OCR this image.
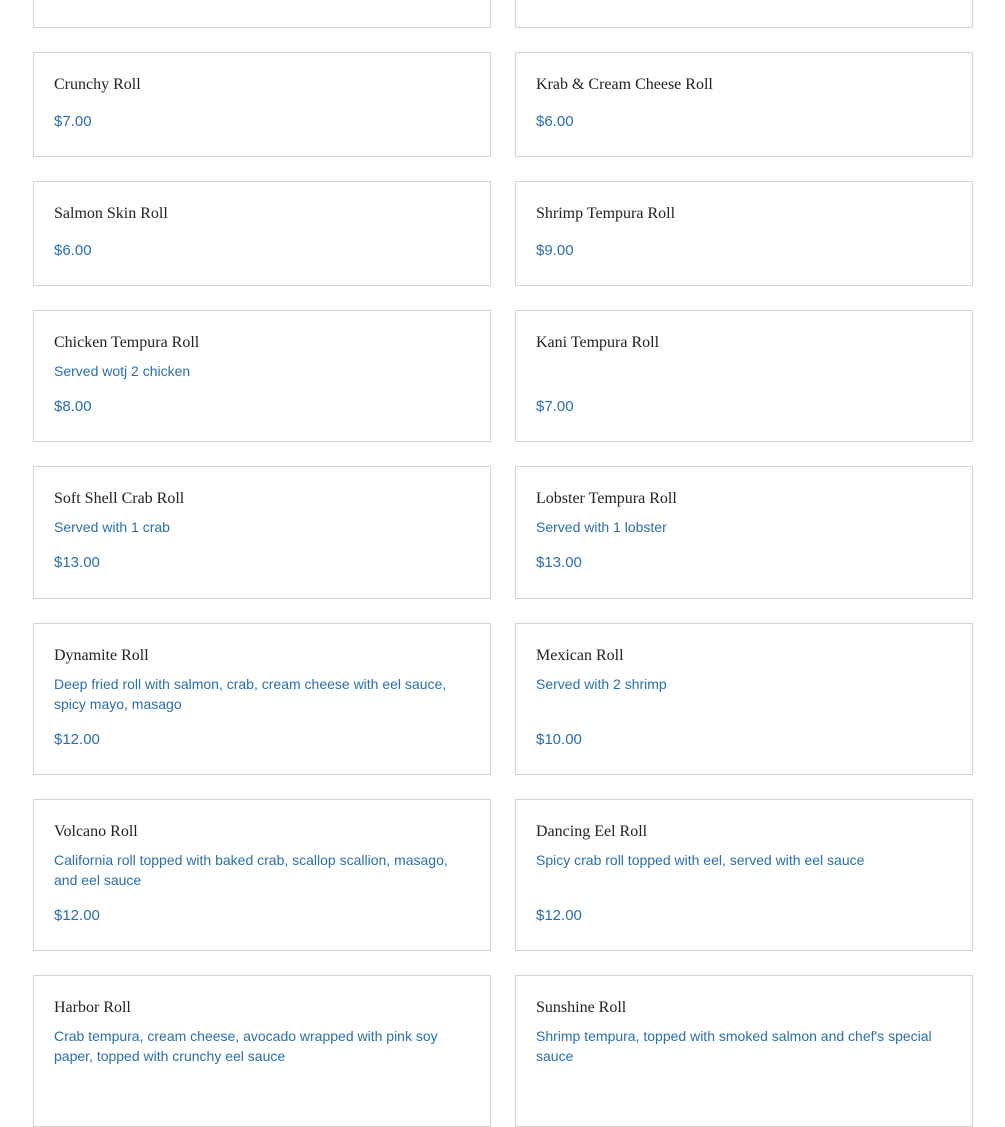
Crunchy Roll
$7.00
Krab & Cream Cheese Roll
$6.00
Salmon Skin Roll
$6.00
Shrimp Tempura Roll
$9.00
Chicken Tempura Roll
Served wotj 2 chicken
$8.00
Kani Tempura Roll
$7.00
Soft Shell Crab Roll
Served with 1 crab
$13.00
Lobster Tempura Roll
Served with 1 lobster
$13.00
Dynamite Roll
Deep fried roll with salmon, crab, cream cheese with eel sauce, spicy mayo, masago
$12.00
Mexican Roll
Served with 2 shrimp
$10.00
Volcano Roll
California roll topped with baked crab, scallop scallion, masago, and eel sauce
$12.00
Dancing Eel Roll
Spicy crab roll topped with eel, served with eel sauce
$12.00
Harbor Roll
Crab tempura, cream cheese, avocado wrapped with pink soy paper, topped with crunchy eel sauce
Sunshine Roll
Shrimp tempura, topped with smoked salmon and chef's special sauce
